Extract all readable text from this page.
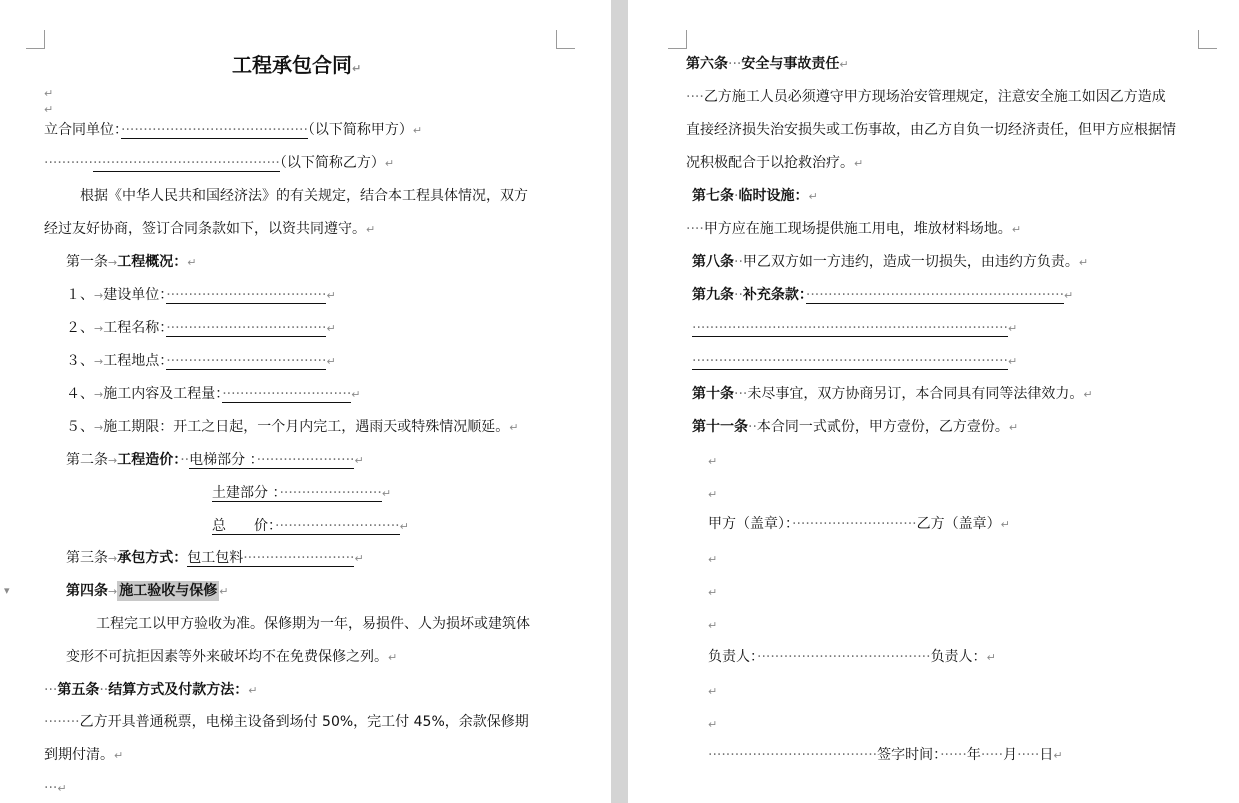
工程承包合同↵
↵
↵
立合同单位：··········································（以下简称甲方）↵
·····················································（以下简称乙方）↵
根据《中华人民共和国经济法》的有关规定，结合本工程具体情况，双方
经过友好协商，签订合同条款如下，以资共同遵守。↵
第一条→工程概况：↵
１、→建设单位：····································↵
２、→工程名称：····································↵
３、→工程地点：····································↵
４、→施工内容及工程量：·····························↵
５、→施工期限：开工之日起，一个月内完工，遇雨天或特殊情况顺延。↵
第二条→工程造价：··电梯部分 ：······················↵
土建部分 ：·······················↵
总　　价：····························↵
第三条→承包方式：包工包料·························↵
第四条→ 施工验收与保修 ↵
▾
工程完工以甲方验收为准。保修期为一年，易损件、人为损坏或建筑体
变形不可抗拒因素等外来破坏均不在免费保修之列。↵
···第五条··结算方式及付款方法：↵
········乙方开具普通税票，电梯主设备到场付 50%，完工付 45%，余款保修期
到期付清。↵
···↵
第六条···安全与事故责任↵
····乙方施工人员必须遵守甲方现场治安管理规定，注意安全施工如因乙方造成
直接经济损失治安损失或工伤事故，由乙方自负一切经济责任，但甲方应根据情
况积极配合于以抢救治疗。↵
第七条·临时设施：↵
····甲方应在施工现场提供施工用电，堆放材料场地。↵
第八条··甲乙双方如一方违约，造成一切损失，由违约方负责。↵
第九条··补充条款：··························································↵
·······································································↵
·······································································↵
第十条···未尽事宜，双方协商另订，本合同具有同等法律效力。↵
第十一条··本合同一式贰份，甲方壹份，乙方壹份。↵
↵
↵
甲方（盖章）：····························乙方（盖章）↵
↵
↵
↵
负责人：·······································负责人：↵
↵
↵
······································签字时间：······年·····月·····日↵
